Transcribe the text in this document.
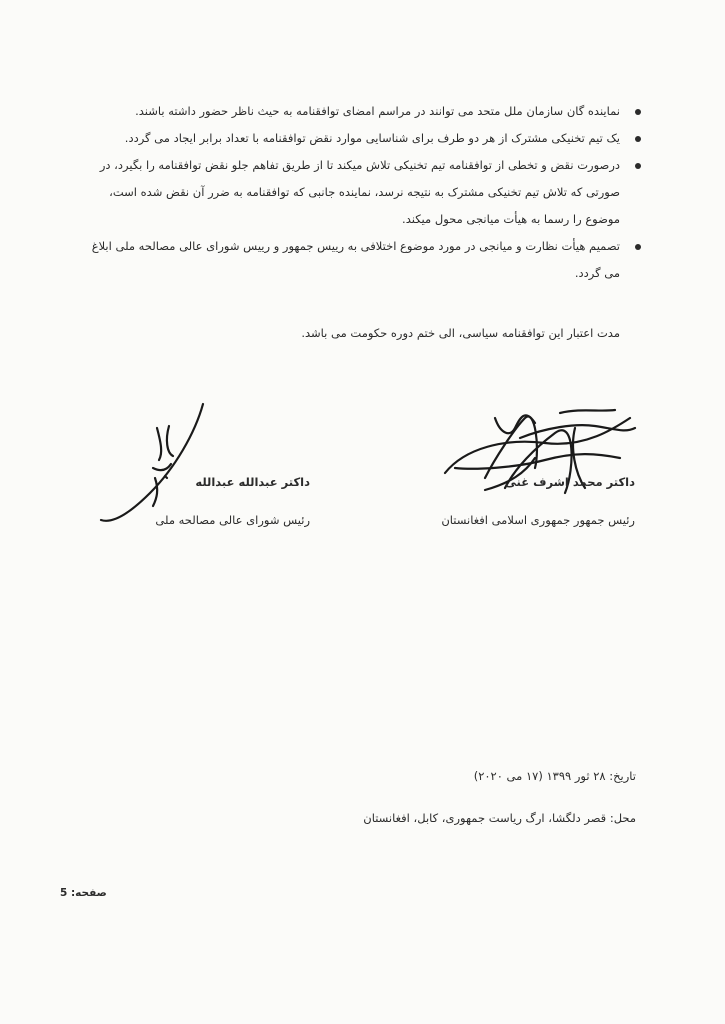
نماینده گان سازمان ملل متحد می توانند در مراسم امضای توافقنامه به حیث ناظر حضور داشته باشند.
یک تیم تخنیکی مشترک از هر دو طرف برای شناسایی موارد نقض توافقنامه با تعداد برابر ایجاد می گردد.
درصورت نقض و تخطی از توافقنامه تیم تخنیکی تلاش میکند تا از طریق تفاهم جلو نقض توافقنامه را بگیرد، در صورتی که تلاش تیم تخنیکی مشترک به نتیجه نرسد، نماینده جانبی که توافقنامه به ضرر آن نقض شده است، موضوع را رسما به هیأت میانجی محول میکند.
تصمیم هیأت نظارت و میانجی در مورد موضوع اختلافی به رییس جمهور و رییس شورای عالی مصالحه ملی ابلاغ می گردد.
مدت اعتبار این توافقنامه سیاسی، الی ختم دوره حکومت می باشد.
داکتر محمد اشرف غنی
رئیس جمهور جمهوری اسلامی افغانستان
داکتر عبدالله عبدالله
رئیس شورای عالی مصالحه ملی
تاریخ: ۲۸ ثور ۱۳۹۹ (۱۷ می ۲۰۲۰)
محل: قصر دلگشا، ارگ ریاست جمهوری، کابل، افغانستان
صفحه: 5
